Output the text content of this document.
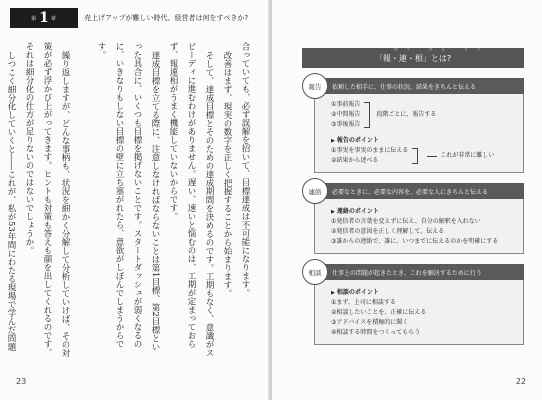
第 1 章	売上げアップが難しい時代、経営者は何をすべきか?

合っていても、必ず誤解を招いて、目標達成は不可能になります。

改善はまず、現実の数字を正しく把握することから始まります。

そして、達成目標とそのための達成期間を決めるのです。工期もなく、意識がスピーディに進むわけがありません。遅い、速いと悩むのは、工期が定まっておらず、報連相がうまく機能していないからです。

達成目標を立てる際に、注意しなければならないことは第1目標、第2目標といった具合に、いくつも目標を掲げないことです。スタートダッシュが弱くなるのに、いきなりもしない目標の壁に立ち塞がれたら、意欲がしぼんでしまうからです。

繰り返しますが、どんな事柄も、状況を細かく分解して分析していけば、その対策が必ず浮かび上がってきます。ヒントも対策も答えも顔を出してくれるのです。それは細分化の仕方が足りないのではないでしょうか。

しつこく細分化していくと――これが、私が53年間にわたる現場で学んだ問題

23
ほう れん そう
「報・連・相」とは?
報告	依頼した相手に、仕事の状況、結果をきちんと伝える
①事前報告
②中間報告
③事後報告
段階ごとに、報告する
▶ 報告のポイント
①事実を事実のままに伝える
②結果から述べる
これが非常に難しい
連絡	必要なときに、必要な内容を、必要な人にきちんと伝える
▶ 連絡のポイント
①発信者の言葉を変えずに伝え、自分の解釈を入れない
②発信者の意図を正しく理解して、伝える
③誰からの連絡で、誰に、いつまでに伝えるのかを明確にする
相談	仕事上の問題が起きたとき、これを解決するために行う
▶ 相談のポイント
①まず、上司に相談する
②相談したいことを、正確に伝える
③アドバイスを積極的に聞く
④相談する時間をつくってもらう
22
